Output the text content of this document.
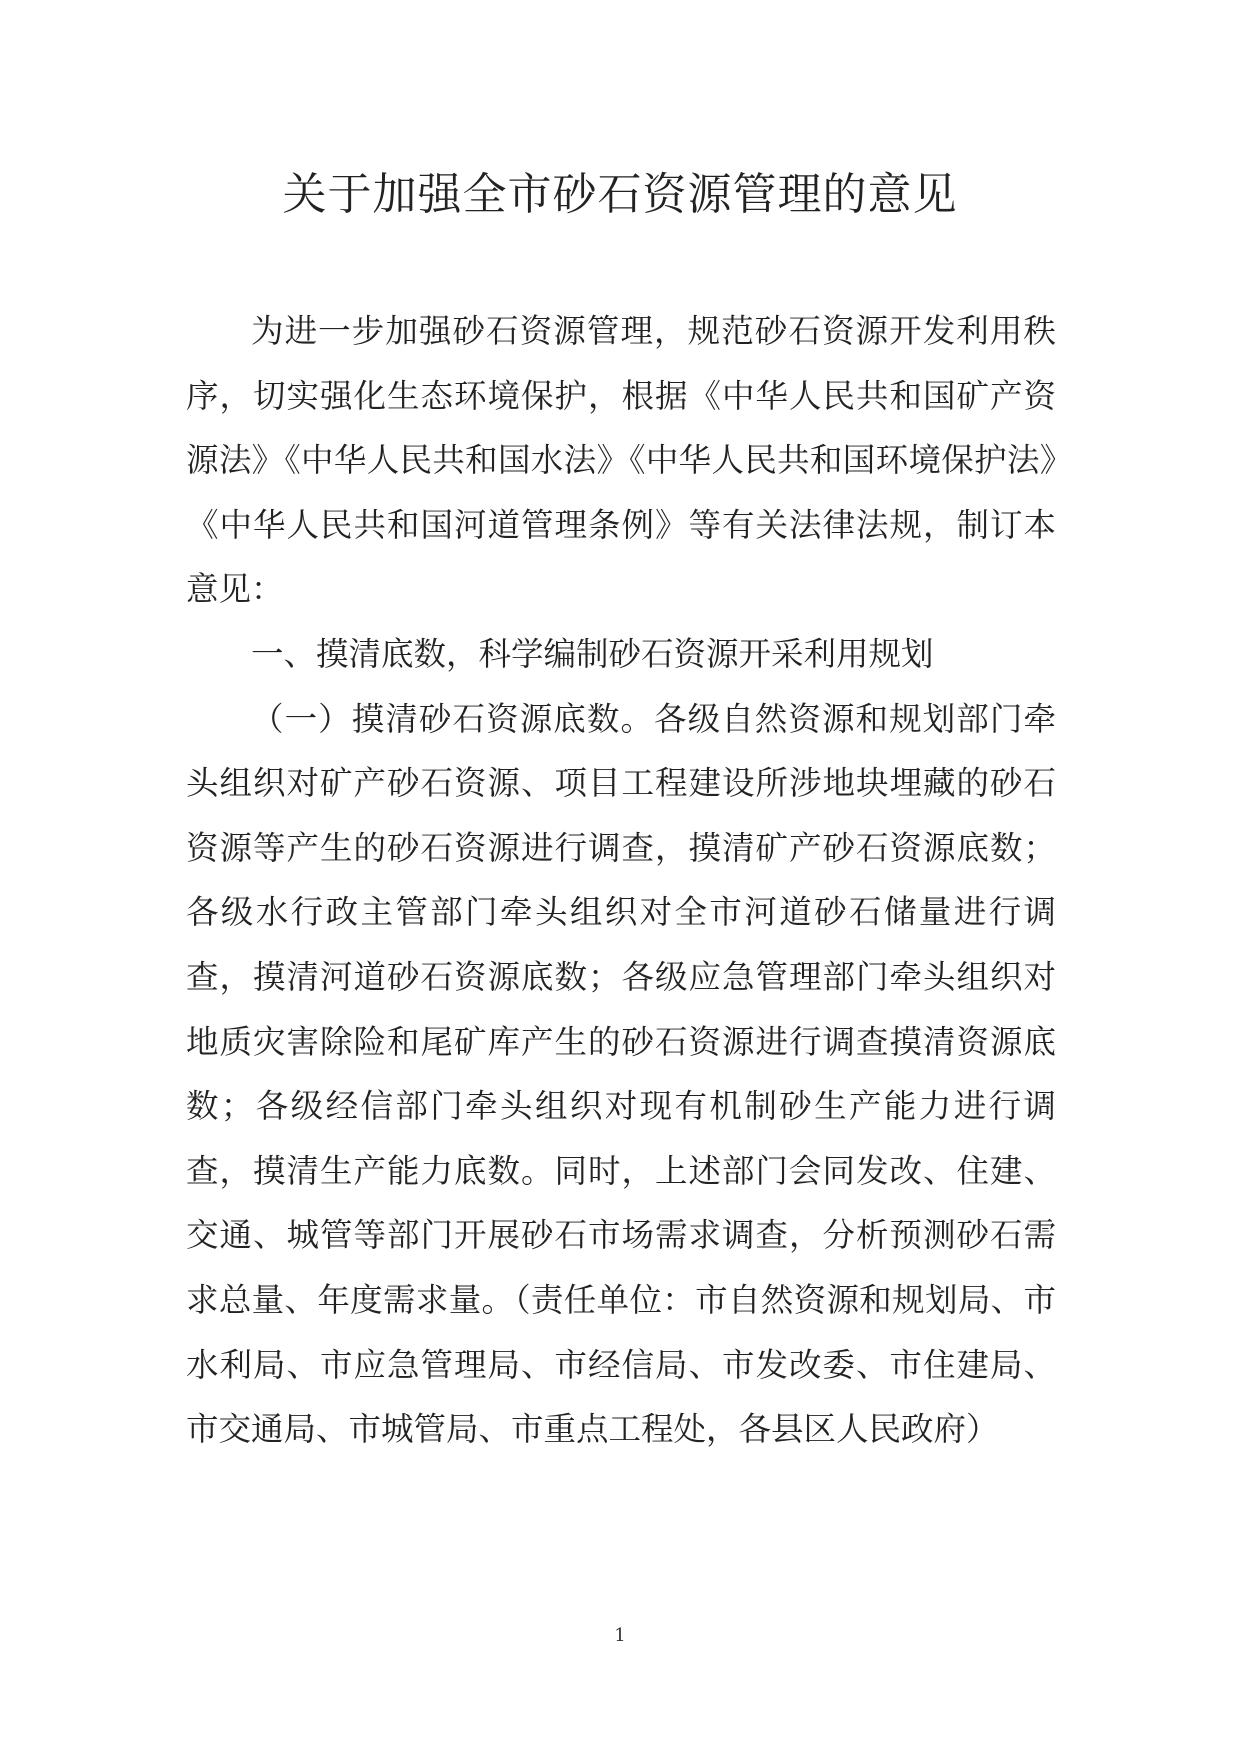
关于加强全市砂石资源管理的意见

为进一步加强砂石资源管理，规范砂石资源开发利用秩序，切实强化生态环境保护，根据《中华人民共和国矿产资源法》《中华人民共和国水法》《中华人民共和国环境保护法》《中华人民共和国河道管理条例》等有关法律法规，制订本意见：

一、摸清底数，科学编制砂石资源开采利用规划

（一）摸清砂石资源底数。各级自然资源和规划部门牵头组织对矿产砂石资源、项目工程建设所涉地块埋藏的砂石资源等产生的砂石资源进行调查，摸清矿产砂石资源底数；各级水行政主管部门牵头组织对全市河道砂石储量进行调查，摸清河道砂石资源底数；各级应急管理部门牵头组织对地质灾害除险和尾矿库产生的砂石资源进行调查摸清资源底数；各级经信部门牵头组织对现有机制砂生产能力进行调查，摸清生产能力底数。同时，上述部门会同发改、住建、交通、城管等部门开展砂石市场需求调查，分析预测砂石需求总量、年度需求量。（责任单位：市自然资源和规划局、市水利局、市应急管理局、市经信局、市发改委、市住建局、市交通局、市城管局、市重点工程处，各县区人民政府）

1
